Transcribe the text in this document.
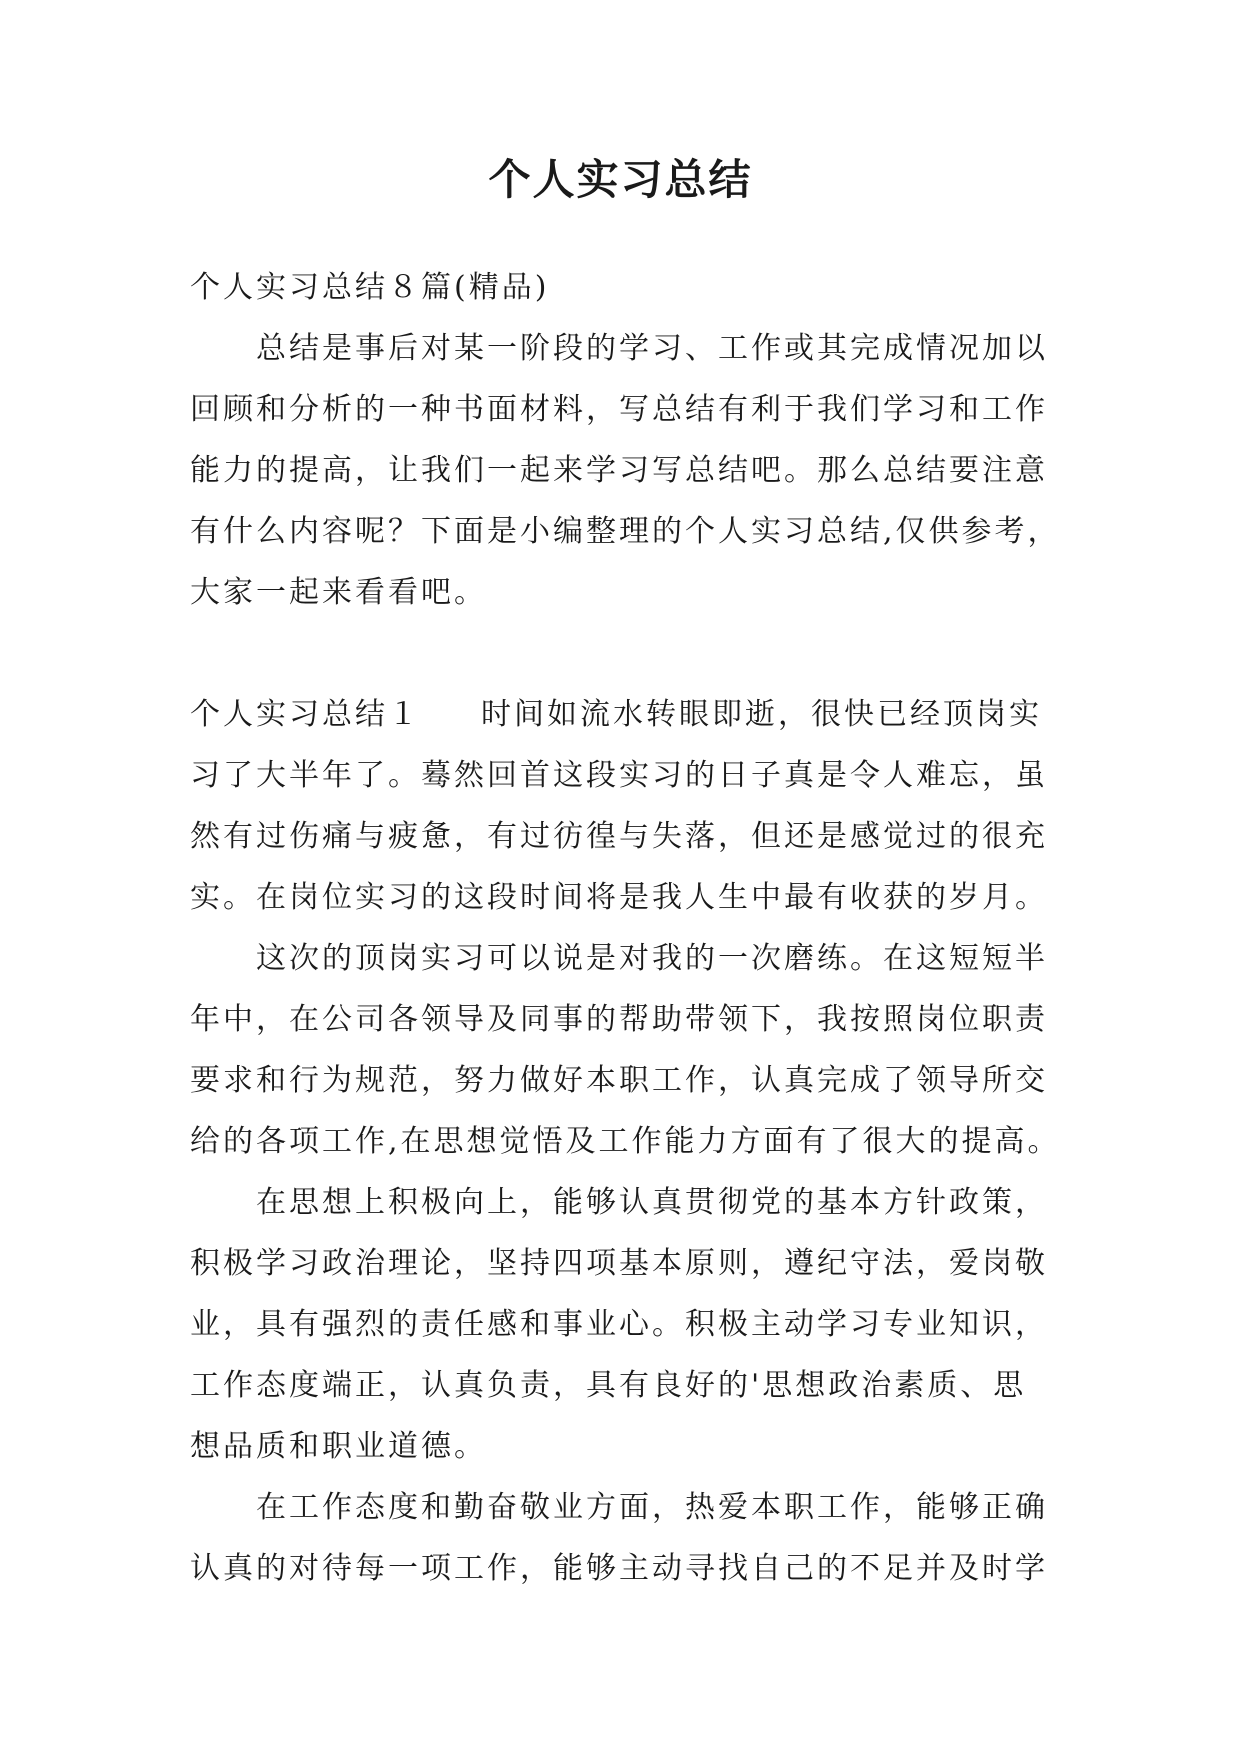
个人实习总结
个人实习总结８篇(精品)
总结是事后对某一阶段的学习、工作或其完成情况加以
回顾和分析的一种书面材料，写总结有利于我们学习和工作
能力的提高，让我们一起来学习写总结吧。那么总结要注意
有什么内容呢？下面是小编整理的个人实习总结,仅供参考，
大家一起来看看吧。
个人实习总结１ 时间如流水转眼即逝，很快已经顶岗实
习了大半年了。蓦然回首这段实习的日子真是令人难忘，虽
然有过伤痛与疲惫，有过彷徨与失落，但还是感觉过的很充
实。在岗位实习的这段时间将是我人生中最有收获的岁月。
这次的顶岗实习可以说是对我的一次磨练。在这短短半
年中，在公司各领导及同事的帮助带领下，我按照岗位职责
要求和行为规范，努力做好本职工作，认真完成了领导所交
给的各项工作,在思想觉悟及工作能力方面有了很大的提高。
在思想上积极向上，能够认真贯彻党的基本方针政策，
积极学习政治理论，坚持四项基本原则，遵纪守法，爱岗敬
业，具有强烈的责任感和事业心。积极主动学习专业知识，
工作态度端正，认真负责，具有良好的'思想政治素质、思
想品质和职业道德。
在工作态度和勤奋敬业方面，热爱本职工作，能够正确
认真的对待每一项工作，能够主动寻找自己的不足并及时学
